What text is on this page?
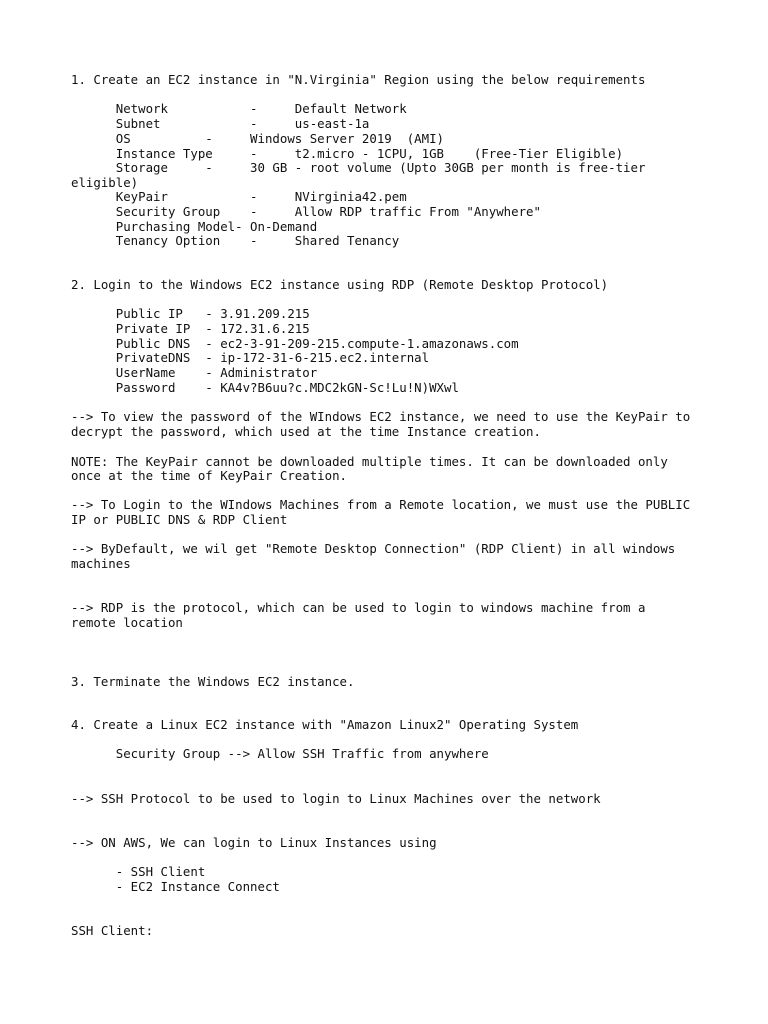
1. Create an EC2 instance in "N.Virginia" Region using the below requirements

Network           -     Default Network

Subnet            -     us-east-1a

OS          -     Windows Server 2019  (AMI)

Instance Type     -     t2.micro - 1CPU, 1GB    (Free-Tier Eligible)

Storage     -     30 GB - root volume (Upto 30GB per month is free-tier

eligible)

KeyPair           -     NVirginia42.pem

Security Group    -     Allow RDP traffic From "Anywhere"

Purchasing Model- On-Demand

Tenancy Option    -     Shared Tenancy

2. Login to the Windows EC2 instance using RDP (Remote Desktop Protocol)

Public IP   - 3.91.209.215

Private IP  - 172.31.6.215

Public DNS  - ec2-3-91-209-215.compute-1.amazonaws.com

PrivateDNS  - ip-172-31-6-215.ec2.internal

UserName    - Administrator

Password    - KA4v?B6uu?c.MDC2kGN-Sc!Lu!N)WXwl

--> To view the password of the WIndows EC2 instance, we need to use the KeyPair to

decrypt the password, which used at the time Instance creation.

NOTE: The KeyPair cannot be downloaded multiple times. It can be downloaded only

once at the time of KeyPair Creation.

--> To Login to the WIndows Machines from a Remote location, we must use the PUBLIC

IP or PUBLIC DNS & RDP Client

--> ByDefault, we wil get "Remote Desktop Connection" (RDP Client) in all windows

machines

--> RDP is the protocol, which can be used to login to windows machine from a

remote location

3. Terminate the Windows EC2 instance.

4. Create a Linux EC2 instance with "Amazon Linux2" Operating System

Security Group --> Allow SSH Traffic from anywhere

--> SSH Protocol to be used to login to Linux Machines over the network

--> ON AWS, We can login to Linux Instances using

- SSH Client

- EC2 Instance Connect

SSH Client:
